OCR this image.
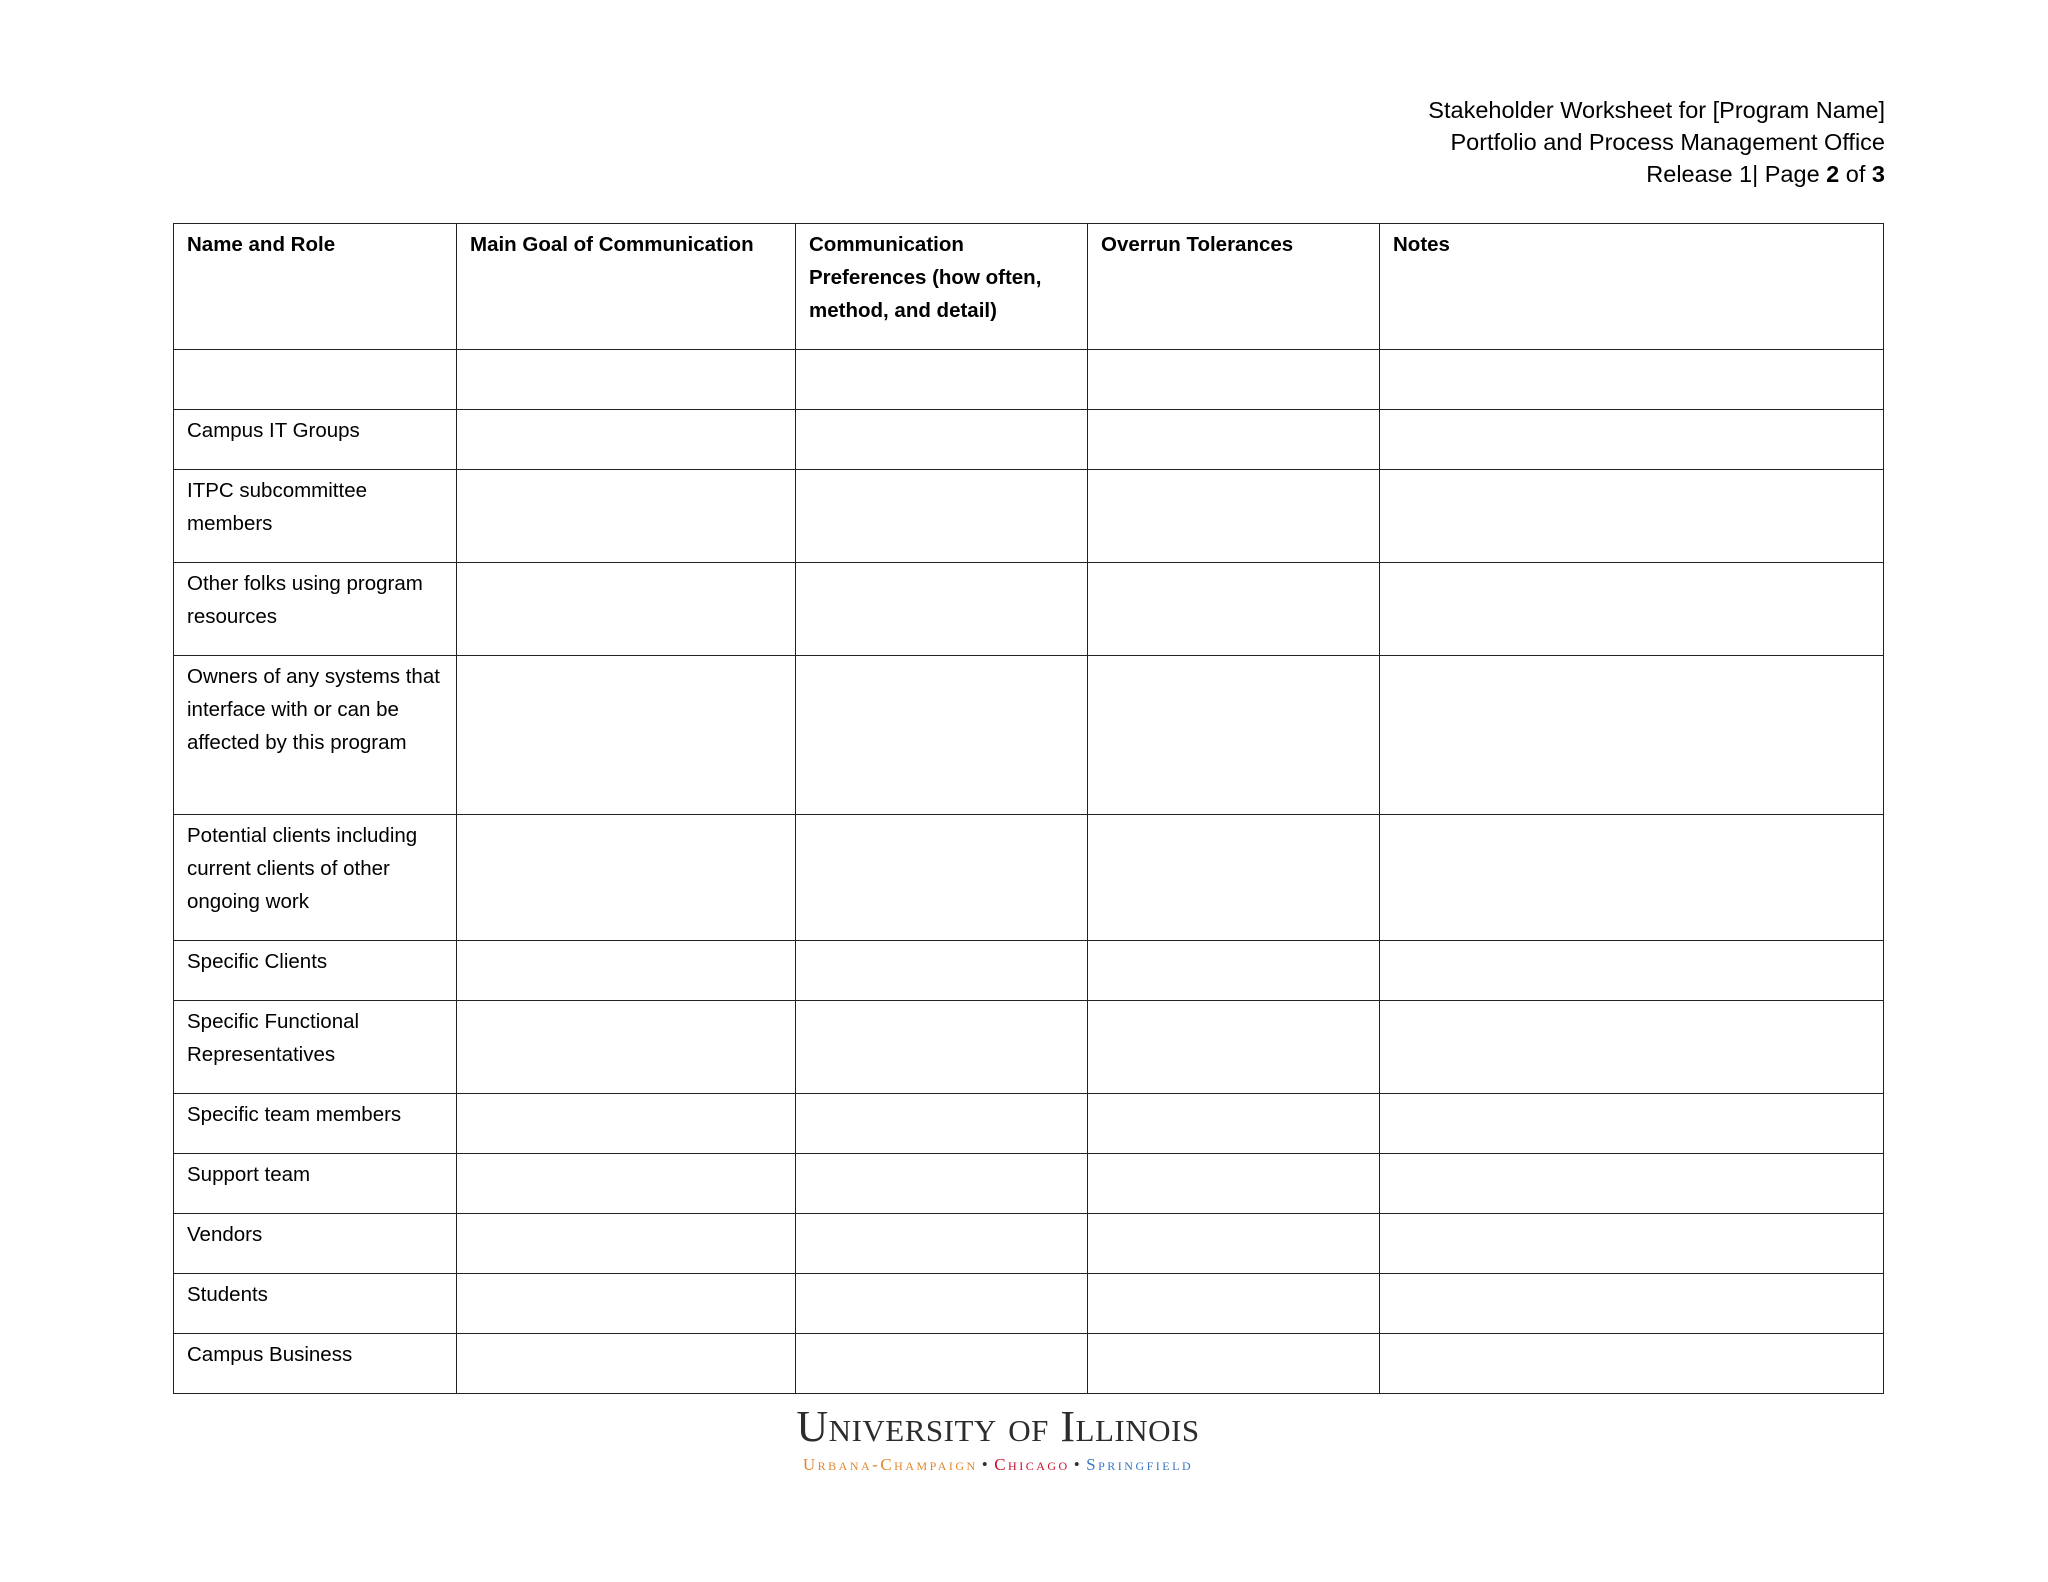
Stakeholder Worksheet for [Program Name]
Portfolio and Process Management Office
Release 1| Page 2 of 3
Name and Role	Main Goal of Communication	Communication Preferences (how often, method, and detail)	Overrun Tolerances	Notes

Campus IT Groups				
ITPC subcommittee members				
Other folks using program resources				
Owners of any systems that interface with or can be affected by this program				
Potential clients including current clients of other ongoing work				
Specific Clients				
Specific Functional Representatives				
Specific team members				
Support team				
Vendors				
Students				
Campus Business				
University of Illinois
Urbana-Champaign • Chicago • Springfield
